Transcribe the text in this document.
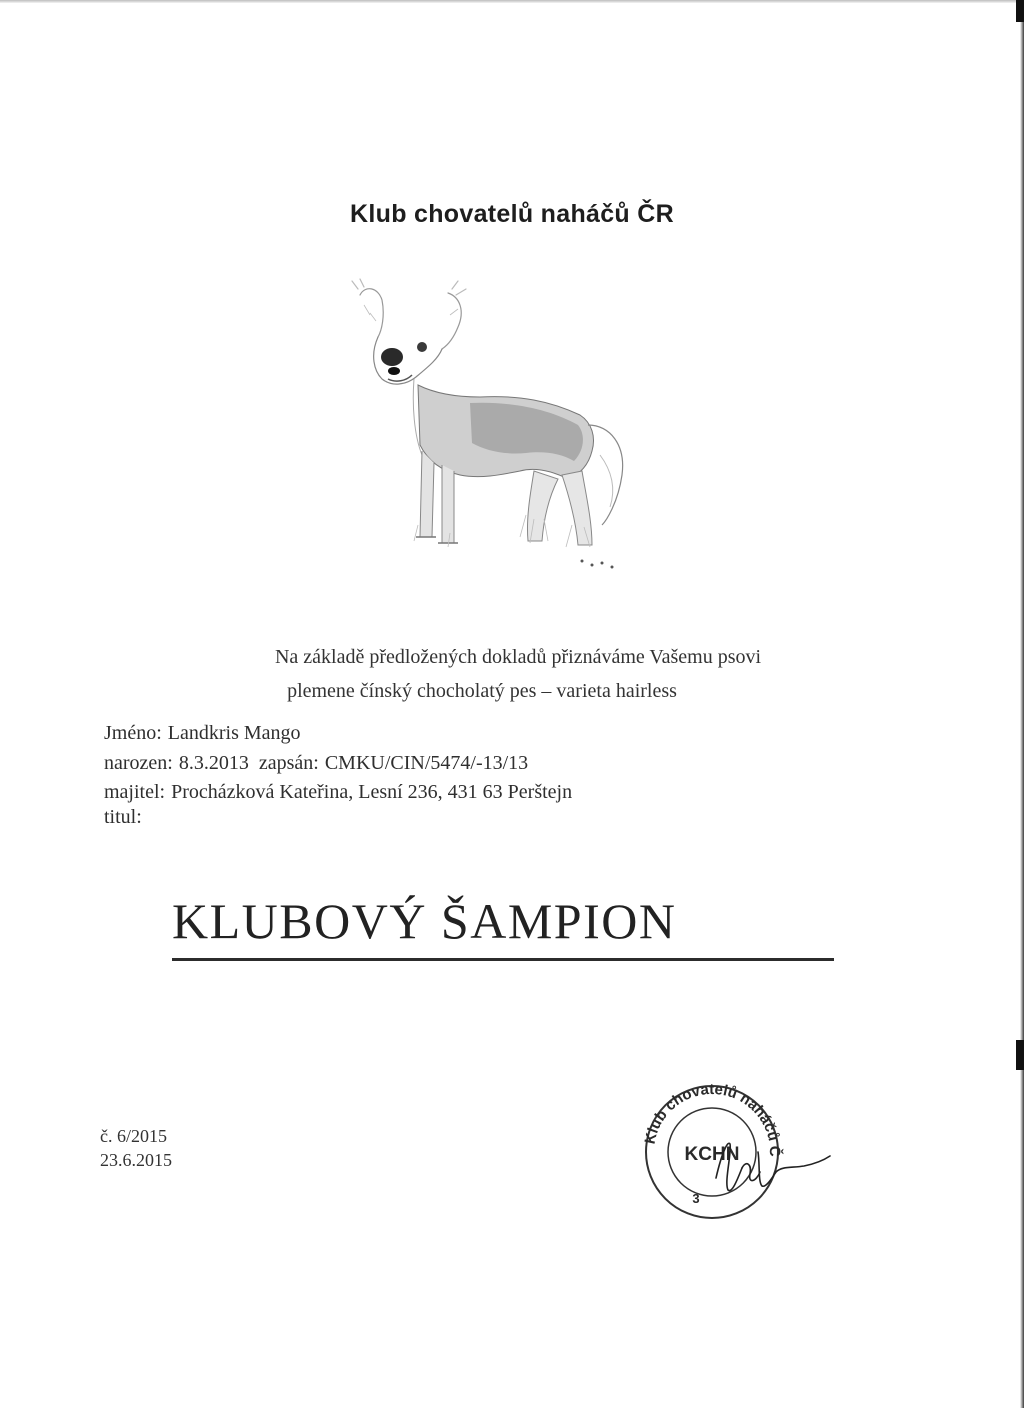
Klub chovatelů naháčů ČR
Na základě předložených dokladů přiznáváme Vašemu psovi
plemene čínský chocholatý pes – varieta hairless
Jméno: Landkris Mango
narozen: 8.3.2013 zapsán: CMKU/CIN/5474/-13/13
majitel: Procházková Kateřina, Lesní 236, 431 63 Perštejn
titul:
KLUBOVÝ ŠAMPION
č. 6/2015
23.6.2015
Klub chovatelů naháčů Č
KCHN
3
